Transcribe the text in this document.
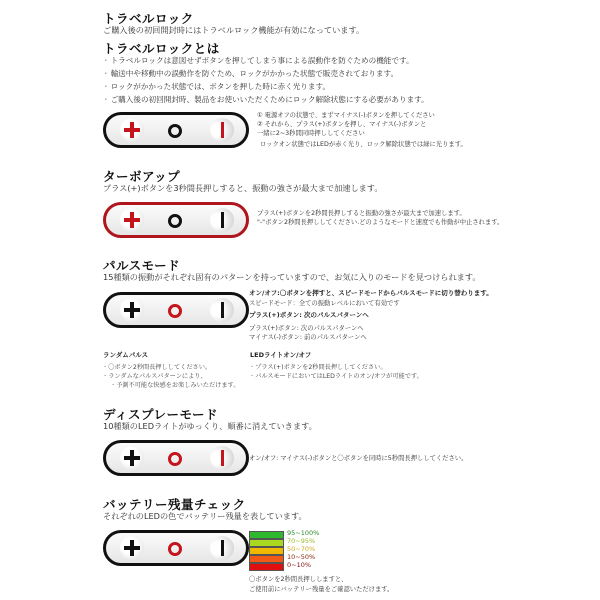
トラベルロック
ご購入後の初回開封時にはトラベルロック機能が有効になっています。
トラベルロックとは
・ トラベルロックは意図せずボタンを押してしまう事による誤動作を防ぐための機能です。
・ 輸送中や移動中の誤動作を防ぐため、ロックがかかった状態で販売されております。
・ ロックがかかった状態では、ボタンを押した時に赤く光ります。
・ ご購入後の初回開封時、製品をお使いいただくためにロック解除状態にする必要があります。
① 電源オフの状態で、まずマイナス(-)ボタンを押してください
② それから、プラス(+)ボタンを押し、マイナス(-)ボタンと
一緒に2~3秒間同時押ししてください
ロックオン状態ではLEDが赤く光り、ロック解除状態では緑に光ります。
ターボアップ
プラス(+)ボタンを3秒間長押しすると、振動の強さが最大まで加速します。
プラス(+)ボタンを2秒間長押しすると振動の強さが最大まで加速します。
"-"ボタン2秒間長押ししてください.どのようなモードと速度でも作動が中止されます。
パルスモード
15種類の振動がそれぞれ固有のパターンを持っていますので、お気に入りのモードを見つけられます。
オン/オフ:〇ボタンを押すと、スピードモードからパルスモードに切り替わります。
スピードモード：全ての振動レベルにおいて有効です
プラス(+)ボタン: 次のパルスパターンへ
プラス(+)ボタン: 次のパルスパターンへ
マイナス(-)ボタン: 前のパルスパターンへ
ランダムパルス
・ 〇ボタン2秒間長押ししてください。
・ ランダムなパルスパターンにより、
・ 予測不可能な快感をお楽しみいただけます。
LEDライトオン/オフ
・ プラス(+)ボタンを2秒間長押ししてください。
・ パルスモードにおいてはLEDライトのオン/オフが可能です。
ディスプレーモード
10種類のLEDライトがゆっくり、順番に消えていきます。
オン/オフ: マイナス(-)ボタンと〇ボタンを同時に5秒間長押ししてください。
バッテリー残量チェック
それぞれのLEDの色でバッテリー残量を表しています。
95~100%
70~95%
50~70%
10~50%
0~10%
〇ボタンを2秒間長押ししますと、
ご使用前にバッテリー残量をご確認いただけます。
